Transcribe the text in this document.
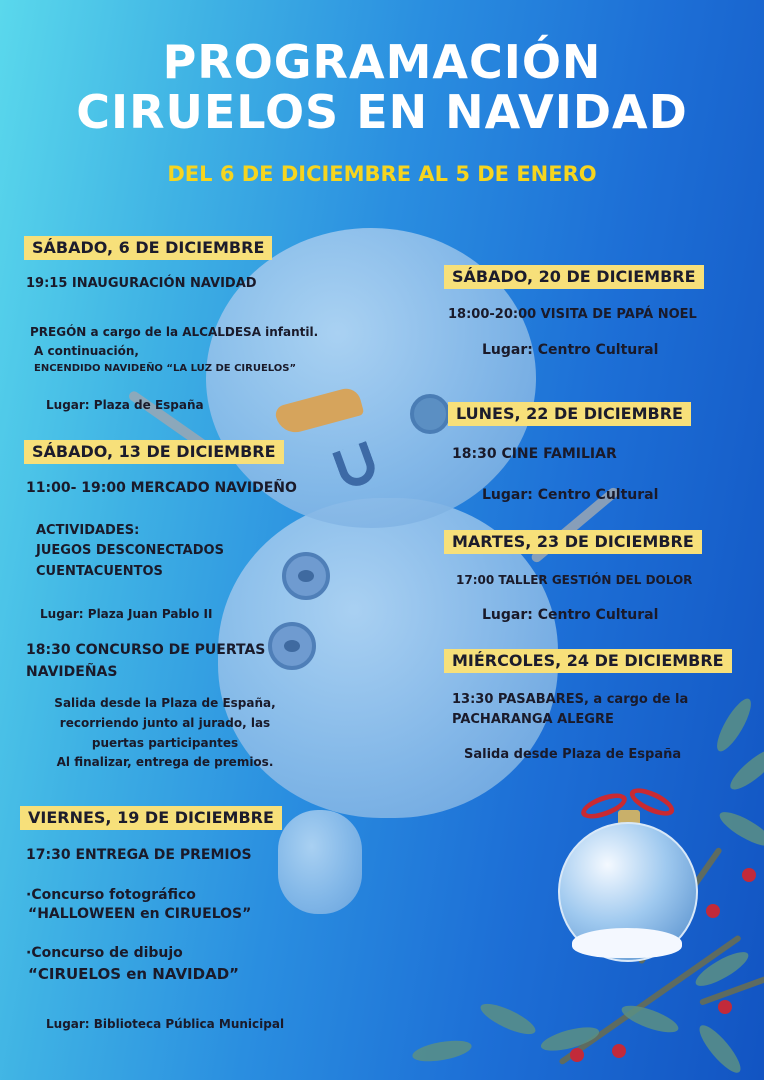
PROGRAMACIÓN
CIRUELOS EN NAVIDAD
DEL 6 DE DICIEMBRE AL 5 DE ENERO
SÁBADO, 6 DE DICIEMBRE
19:15 INAUGURACIÓN NAVIDAD
PREGÓN a cargo de la ALCALDESA infantil.
A continuación,
ENCENDIDO NAVIDEÑO “LA LUZ DE CIRUELOS”
Lugar: Plaza de España
SÁBADO, 13 DE DICIEMBRE
11:00- 19:00 MERCADO NAVIDEÑO
ACTIVIDADES:
JUEGOS DESCONECTADOS
CUENTACUENTOS
Lugar: Plaza Juan Pablo II
18:30 CONCURSO DE PUERTAS
NAVIDEÑAS
Salida desde la Plaza de España,
recorriendo junto al jurado, las
puertas participantes
Al finalizar, entrega de premios.
VIERNES, 19 DE DICIEMBRE
17:30 ENTREGA DE PREMIOS
·Concurso fotográfico
“HALLOWEEN en CIRUELOS”
·Concurso de dibujo
“CIRUELOS en NAVIDAD”
Lugar: Biblioteca Pública Municipal
SÁBADO, 20 DE DICIEMBRE
18:00-20:00 VISITA DE PAPÁ NOEL
Lugar: Centro Cultural
LUNES, 22 DE DICIEMBRE
18:30 CINE FAMILIAR
Lugar: Centro Cultural
MARTES, 23 DE DICIEMBRE
17:00 TALLER GESTIÓN DEL DOLOR
Lugar: Centro Cultural
MIÉRCOLES, 24 DE DICIEMBRE
13:30 PASABARES, a cargo de la
PACHARANGA ALEGRE
Salida desde Plaza de España
